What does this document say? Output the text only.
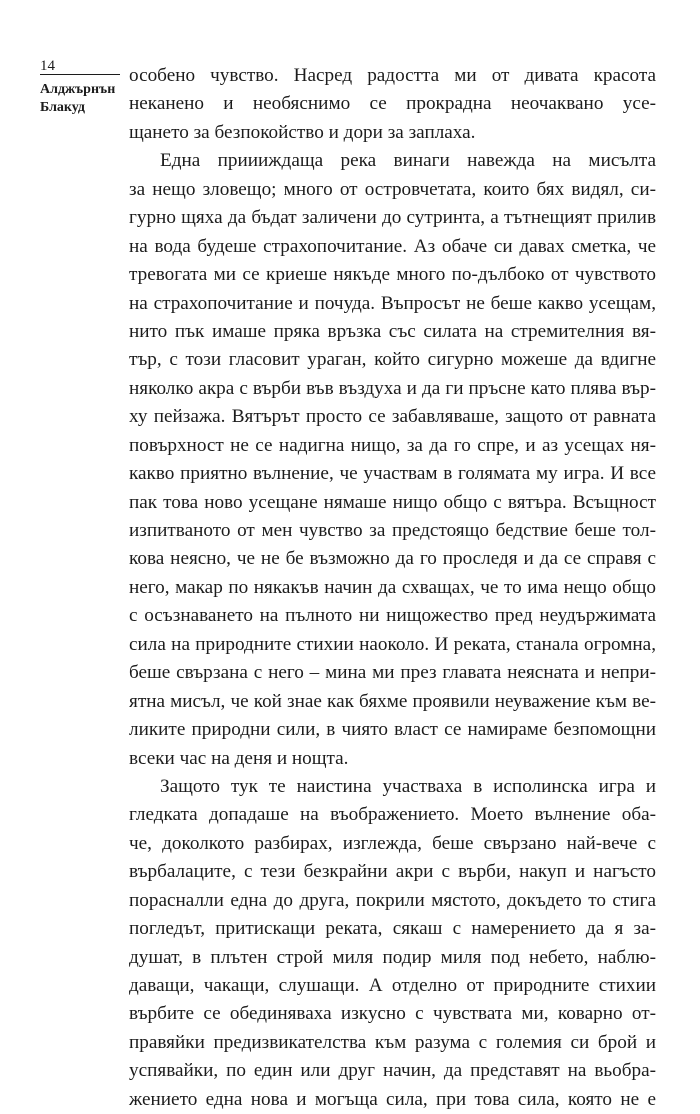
14
Алджърнън
Блакуд
особено чувство. Насред радостта ми от дивата красота
неканено и необяснимо се прокрадна неочаквано усе-
щането за безпокойство и дори за заплаха.
Една приииждаща река винаги навежда на мисълта
за нещо зловещо; много от островчетата, които бях видял, си-
гурно щяха да бъдат заличени до сутринта, а тътнещият прилив
на вода будеше страхопочитание. Аз обаче си давах сметка, че
тревогата ми се криеше някъде много по-дълбоко от чувството
на страхопочитание и почуда. Въпросът не беше какво усещам,
нито пък имаше пряка връзка със силата на стремителния вя-
тър, с този гласовит ураган, който сигурно можеше да вдигне
няколко акра с върби във въздуха и да ги пръсне като плява вър-
ху пейзажа. Вятърът просто се забавляваше, защото от равната
повърхност не се надигна нищо, за да го спре, и аз усещах ня-
какво приятно вълнение, че участвам в голямата му игра. И все
пак това ново усещане нямаше нищо общо с вятъра. Всъщност
изпитваното от мен чувство за предстоящо бедствие беше тол-
кова неясно, че не бе възможно да го проследя и да се справя с
него, макар по някакъв начин да схващах, че то има нещо общо
с осъзнаването на пълното ни нищожество пред неудържимата
сила на природните стихии наоколо. И реката, станала огромна,
беше свързана с него – мина ми през главата неясната и непри-
ятна мисъл, че кой знае как бяхме проявили неуважение към ве-
ликите природни сили, в чиято власт се намираме безпомощни
всеки час на деня и нощта.
Защото тук те наистина участваха в исполинска игра и
гледката допадаше на въображението. Моето вълнение оба-
че, доколкото разбирах, изглежда, беше свързано най-вече с
върбалаците, с тези безкрайни акри с върби, накуп и нагъсто
порасналли една до друга, покрили мястото, докъдето то стига
погледът, притискащи реката, сякаш с намерението да я за-
душат, в плътен строй миля подир миля под небето, наблю-
даващи, чакащи, слушащи. А отделно от природните стихии
върбите се обединяваха изкусно с чувствата ми, коварно от-
правяйки предизвикателства към разума с големия си брой и
успявайки, по един или друг начин, да представят на вьобра-
жението една нова и могъща сила, при това сила, която не е
